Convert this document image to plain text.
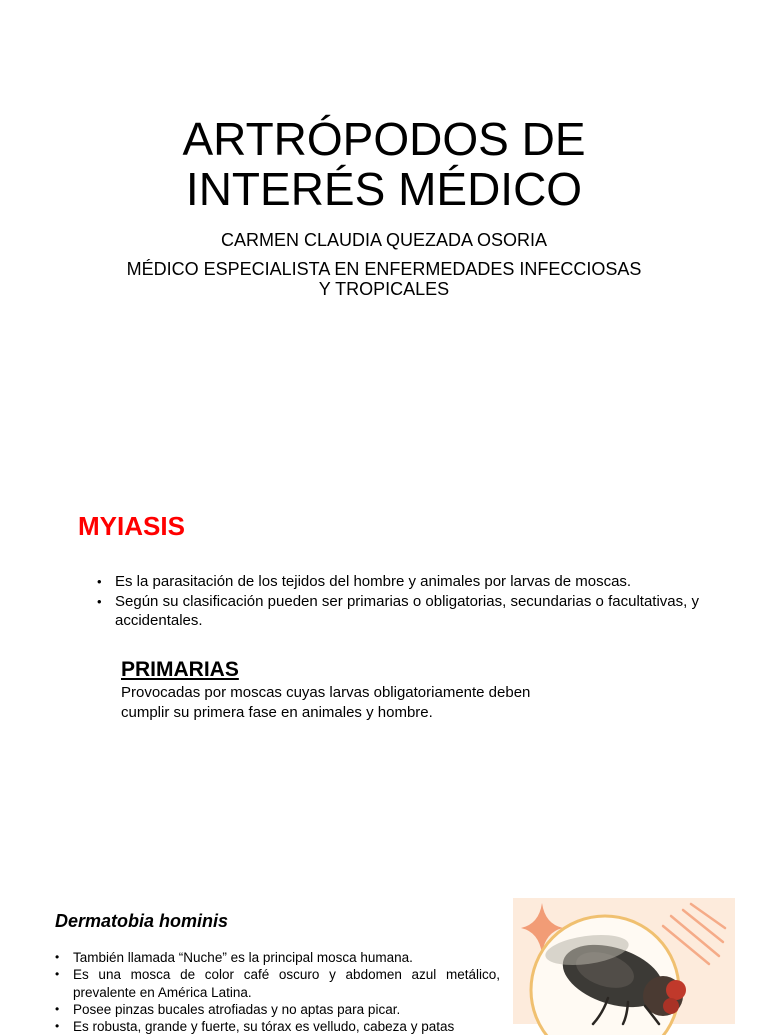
ARTRÓPODOS DE
INTERÉS MÉDICO

CARMEN CLAUDIA QUEZADA OSORIA

MÉDICO ESPECIALISTA EN ENFERMEDADES INFECCIOSAS
Y TROPICALES

MYIASIS
• Es la parasitación de los tejidos del hombre y animales por larvas de moscas.
• Según su clasificación pueden ser primarias o obligatorias, secundarias o facultativas, y accidentales.
PRIMARIAS

Provocadas por moscas cuyas larvas obligatoriamente deben cumplir su primera fase en animales y hombre.

Dermatobia hominis
• También llamada “Nuche” es la principal mosca humana.
• Es una mosca de color café oscuro y abdomen azul metálico, prevalente en América Latina.
• Posee pinzas bucales atrofiadas y no aptas para picar.
• Es robusta, grande y fuerte, su tórax es velludo, cabeza y patas
